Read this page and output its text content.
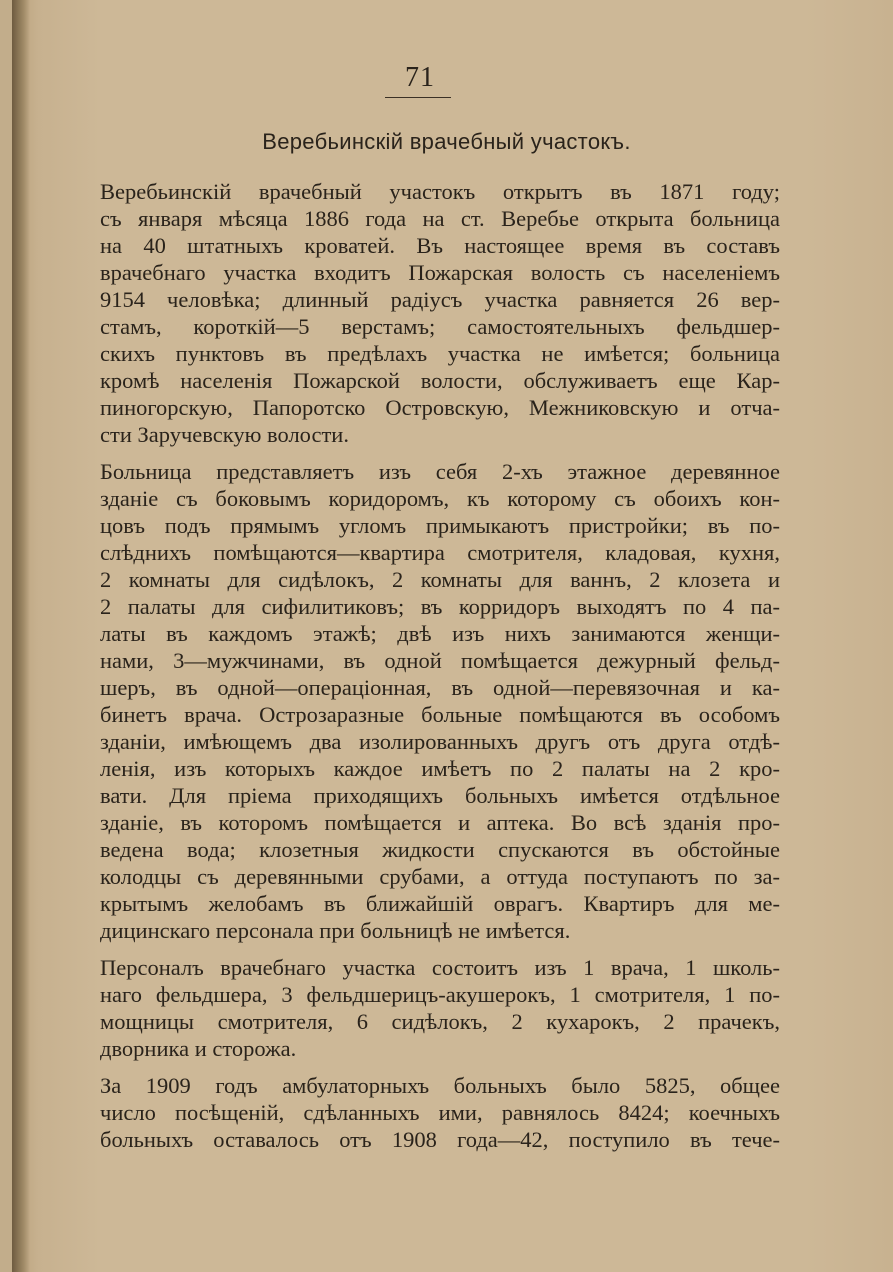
71
Веребьинскій врачебный участокъ.
Веребьинскій врачебный участокъ открытъ въ 1871 году;
съ января мѣсяца 1886 года на ст. Веребье открыта больница
на 40 штатныхъ кроватей. Въ настоящее время въ составъ
врачебнаго участка входитъ Пожарская волость съ населеніемъ
9154 человѣка; длинный радіусъ участка равняется 26 вер-
стамъ, короткій—5 верстамъ; самостоятельныхъ фельдшер-
скихъ пунктовъ въ предѣлахъ участка не имѣется; больница
кромѣ населенія Пожарской волости, обслуживаетъ еще Кар-
пиногорскую, Папоротско Островскую, Межниковскую и отча-
сти Заручевскую волости.
Больница представляетъ изъ себя 2-хъ этажное деревянное
зданіе съ боковымъ коридоромъ, къ которому съ обоихъ кон-
цовъ подъ прямымъ угломъ примыкаютъ пристройки; въ по-
слѣднихъ помѣщаются—квартира смотрителя, кладовая, кухня,
2 комнаты для сидѣлокъ, 2 комнаты для ваннъ, 2 клозета и
2 палаты для сифилитиковъ; въ корридоръ выходятъ по 4 па-
латы въ каждомъ этажѣ; двѣ изъ нихъ занимаются женщи-
нами, 3—мужчинами, въ одной помѣщается дежурный фельд-
шеръ, въ одной—операціонная, въ одной—перевязочная и ка-
бинетъ врача. Острозаразные больные помѣщаются въ особомъ
зданіи, имѣющемъ два изолированныхъ другъ отъ друга отдѣ-
ленія, изъ которыхъ каждое имѣетъ по 2 палаты на 2 кро-
вати. Для пріема приходящихъ больныхъ имѣется отдѣльное
зданіе, въ которомъ помѣщается и аптека. Во всѣ зданія про-
ведена вода; клозетныя жидкости спускаются въ обстойные
колодцы съ деревянными срубами, а оттуда поступаютъ по за-
крытымъ желобамъ въ ближайшій оврагъ. Квартиръ для ме-
дицинскаго персонала при больницѣ не имѣется.
Персоналъ врачебнаго участка состоитъ изъ 1 врача, 1 школь-
наго фельдшера, 3 фельдшерицъ-акушерокъ, 1 смотрителя, 1 по-
мощницы смотрителя, 6 сидѣлокъ, 2 кухарокъ, 2 прачекъ,
дворника и сторожа.
За 1909 годъ амбулаторныхъ больныхъ было 5825, общее
число посѣщеній, сдѣланныхъ ими, равнялось 8424; коечныхъ
больныхъ оставалось отъ 1908 года—42, поступило въ тече-
